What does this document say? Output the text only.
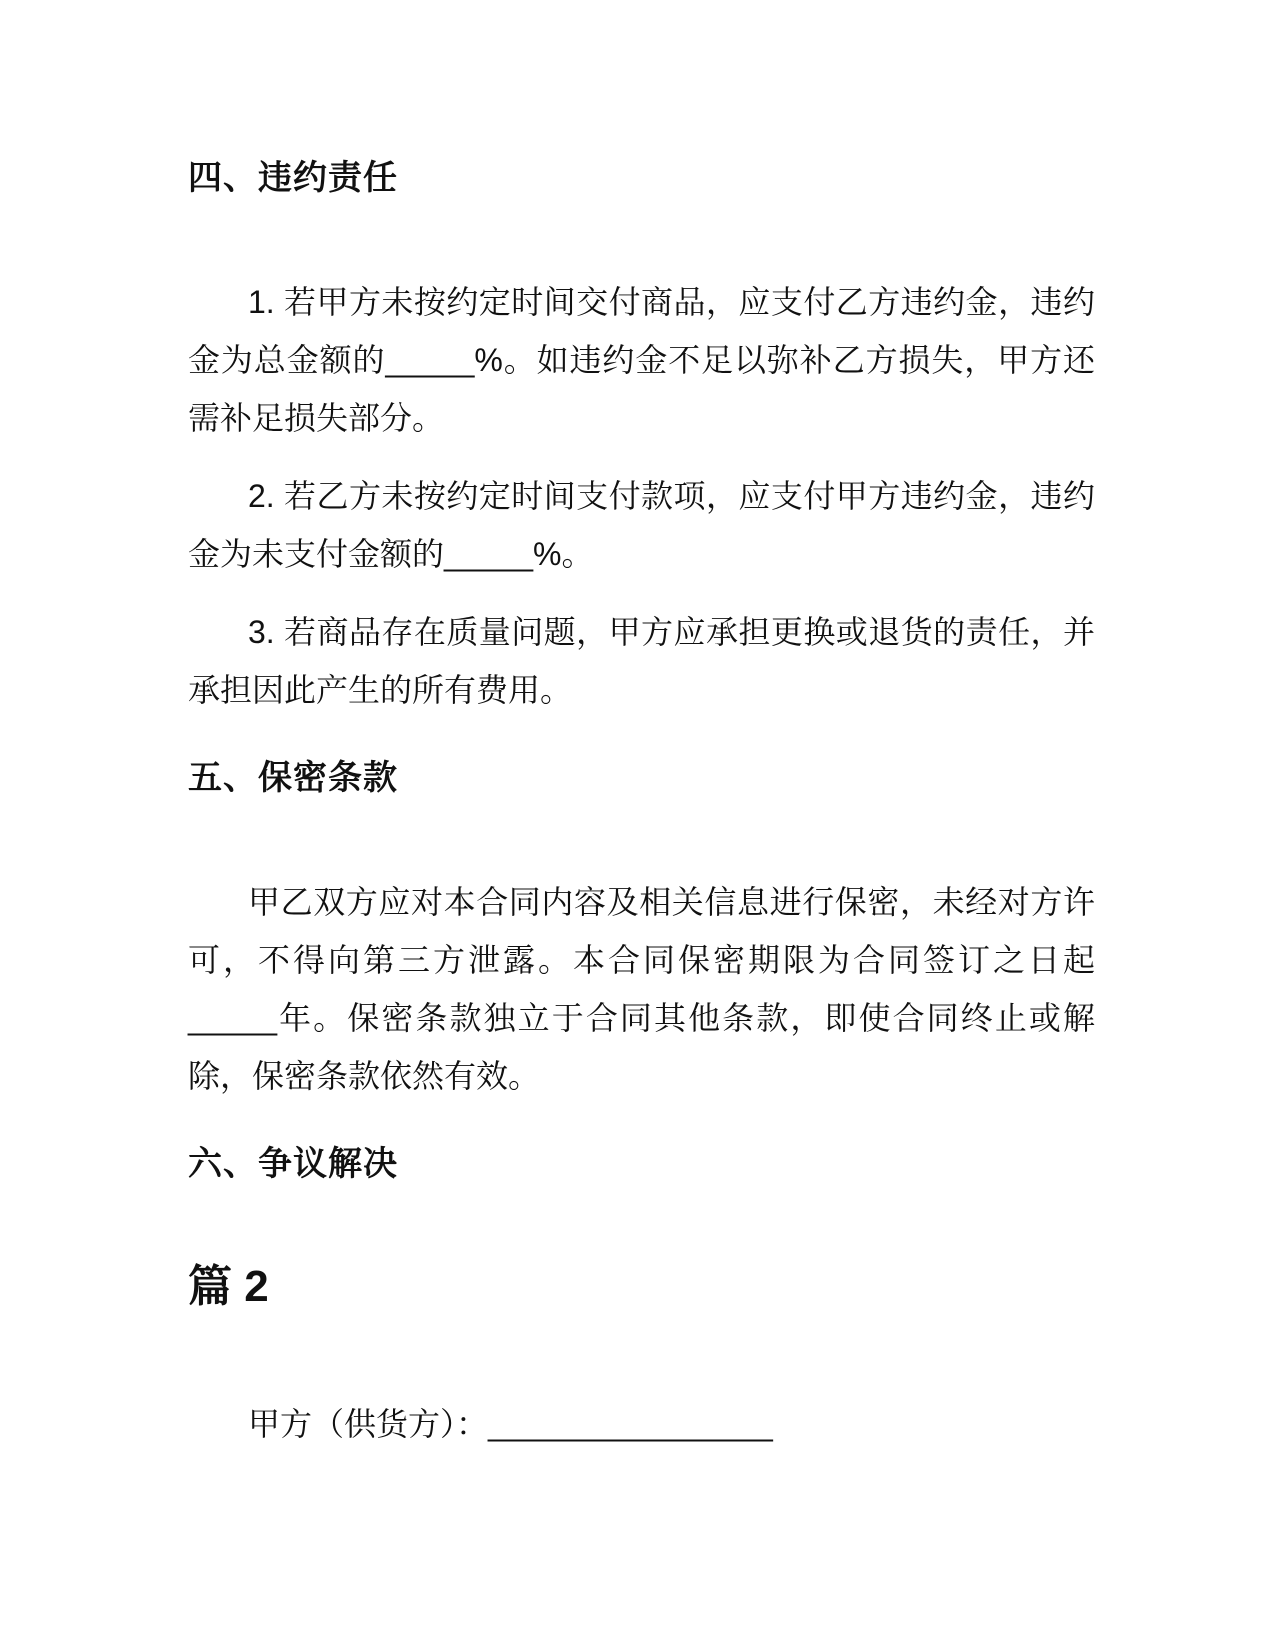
四、违约责任

1. 若甲方未按约定时间交付商品，应支付乙方违约金，违约金为总金额的_____%。如违约金不足以弥补乙方损失，甲方还需补足损失部分。

2. 若乙方未按约定时间支付款项，应支付甲方违约金，违约金为未支付金额的_____%。

3. 若商品存在质量问题，甲方应承担更换或退货的责任，并承担因此产生的所有费用。

五、保密条款

甲乙双方应对本合同内容及相关信息进行保密，未经对方许可，不得向第三方泄露。本合同保密期限为合同签订之日起_____年。保密条款独立于合同其他条款，即使合同终止或解除，保密条款依然有效。

六、争议解决
篇 2

甲方（供货方）：________________
